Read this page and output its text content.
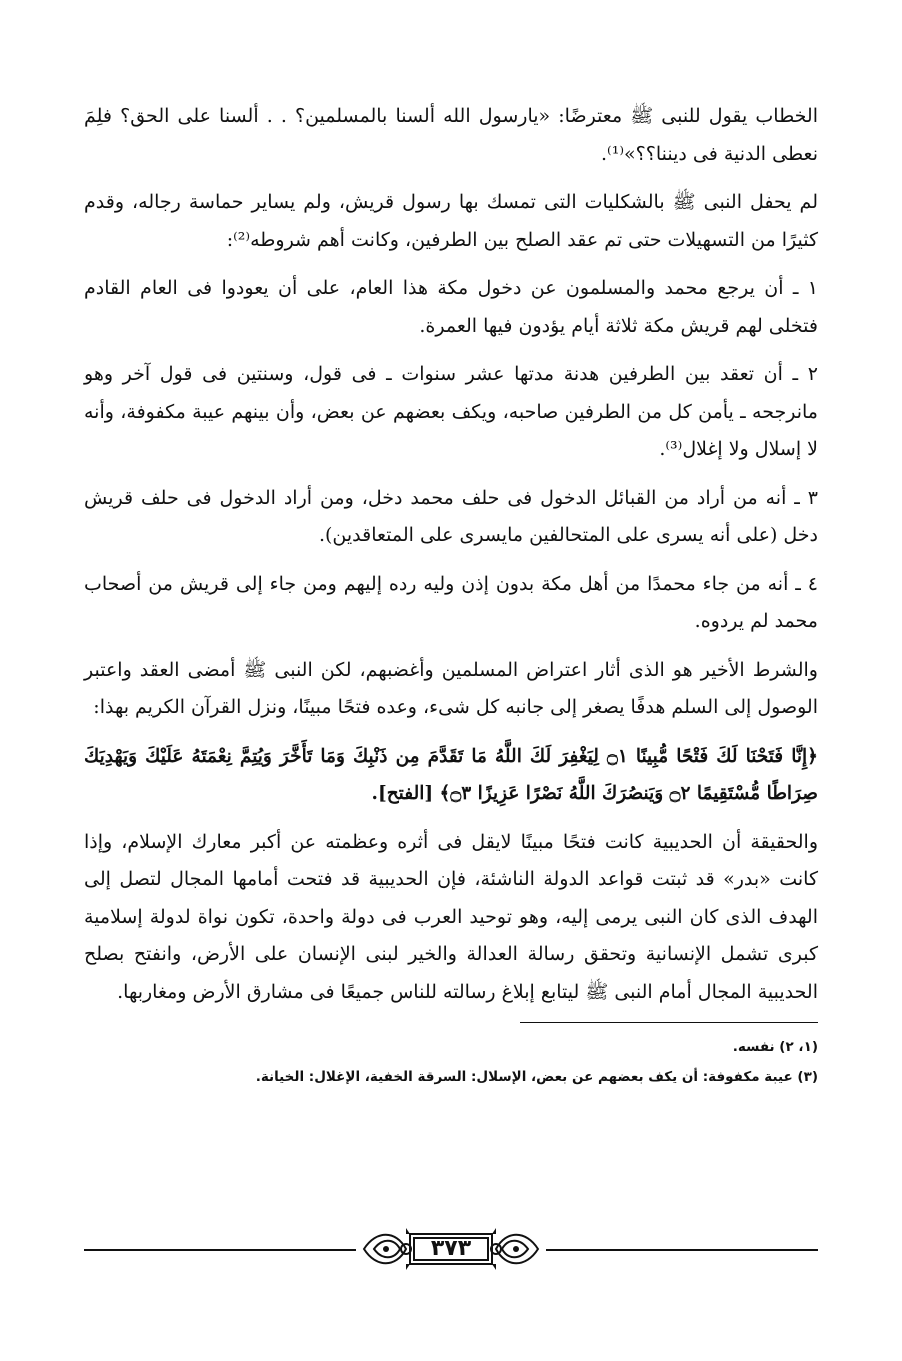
الخطاب يقول للنبى ﷺ معترضًا: «يارسول الله ألسنا بالمسلمين؟ . . ألسنا على الحق؟ فلِمَ نعطى الدنية فى ديننا؟؟»⁽¹⁾.

لم يحفل النبى ﷺ بالشكليات التى تمسك بها رسول قريش، ولم يساير حماسة رجاله، وقدم كثيرًا من التسهيلات حتى تم عقد الصلح بين الطرفين، وكانت أهم شروطه⁽²⁾:

١ ـ أن يرجع محمد والمسلمون عن دخول مكة هذا العام، على أن يعودوا فى العام القادم فتخلى لهم قريش مكة ثلاثة أيام يؤدون فيها العمرة.

٢ ـ أن تعقد بين الطرفين هدنة مدتها عشر سنوات ـ فى قول، وسنتين فى قول آخر وهو مانرجحه ـ يأمن كل من الطرفين صاحبه، ويكف بعضهم عن بعض، وأن بينهم عيبة مكفوفة، وأنه لا إسلال ولا إغلال⁽³⁾.

٣ ـ أنه من أراد من القبائل الدخول فى حلف محمد دخل، ومن أراد الدخول فى حلف قريش دخل (على أنه يسرى على المتحالفين مايسرى على المتعاقدين).

٤ ـ أنه من جاء محمدًا من أهل مكة بدون إذن وليه رده إليهم ومن جاء إلى قريش من أصحاب محمد لم يردوه.

والشرط الأخير هو الذى أثار اعتراض المسلمين وأغضبهم، لكن النبى ﷺ أمضى العقد واعتبر الوصول إلى السلم هدفًا يصغر إلى جانبه كل شىء، وعده فتحًا مبينًا، ونزل القرآن الكريم بهذا:

﴿إِنَّا فَتَحْنَا لَكَ فَتْحًا مُّبِينًا ۝١ لِيَغْفِرَ لَكَ اللَّهُ مَا تَقَدَّمَ مِن ذَنْبِكَ وَمَا تَأَخَّرَ وَيُتِمَّ نِعْمَتَهُ عَلَيْكَ وَيَهْدِيَكَ صِرَاطًا مُّسْتَقِيمًا ۝٢ وَيَنصُرَكَ اللَّهُ نَصْرًا عَزِيزًا ۝٣﴾ [الفتح].

والحقيقة أن الحديبية كانت فتحًا مبينًا لايقل فى أثره وعظمته عن أكبر معارك الإسلام، وإذا كانت «بدر» قد ثبتت قواعد الدولة الناشئة، فإن الحديبية قد فتحت أمامها المجال لتصل إلى الهدف الذى كان النبى يرمى إليه، وهو توحيد العرب فى دولة واحدة، تكون نواة لدولة إسلامية كبرى تشمل الإنسانية وتحقق رسالة العدالة والخير لبنى الإنسان على الأرض، وانفتح بصلح الحديبية المجال أمام النبى ﷺ ليتابع إبلاغ رسالته للناس جميعًا فى مشارق الأرض ومغاربها.

(١، ٢) نفسه.

(٣) عيبة مكفوفة: أن يكف بعضهم عن بعض، الإسلال: السرقة الخفية، الإغلال: الخيانة.

٣٧٣
